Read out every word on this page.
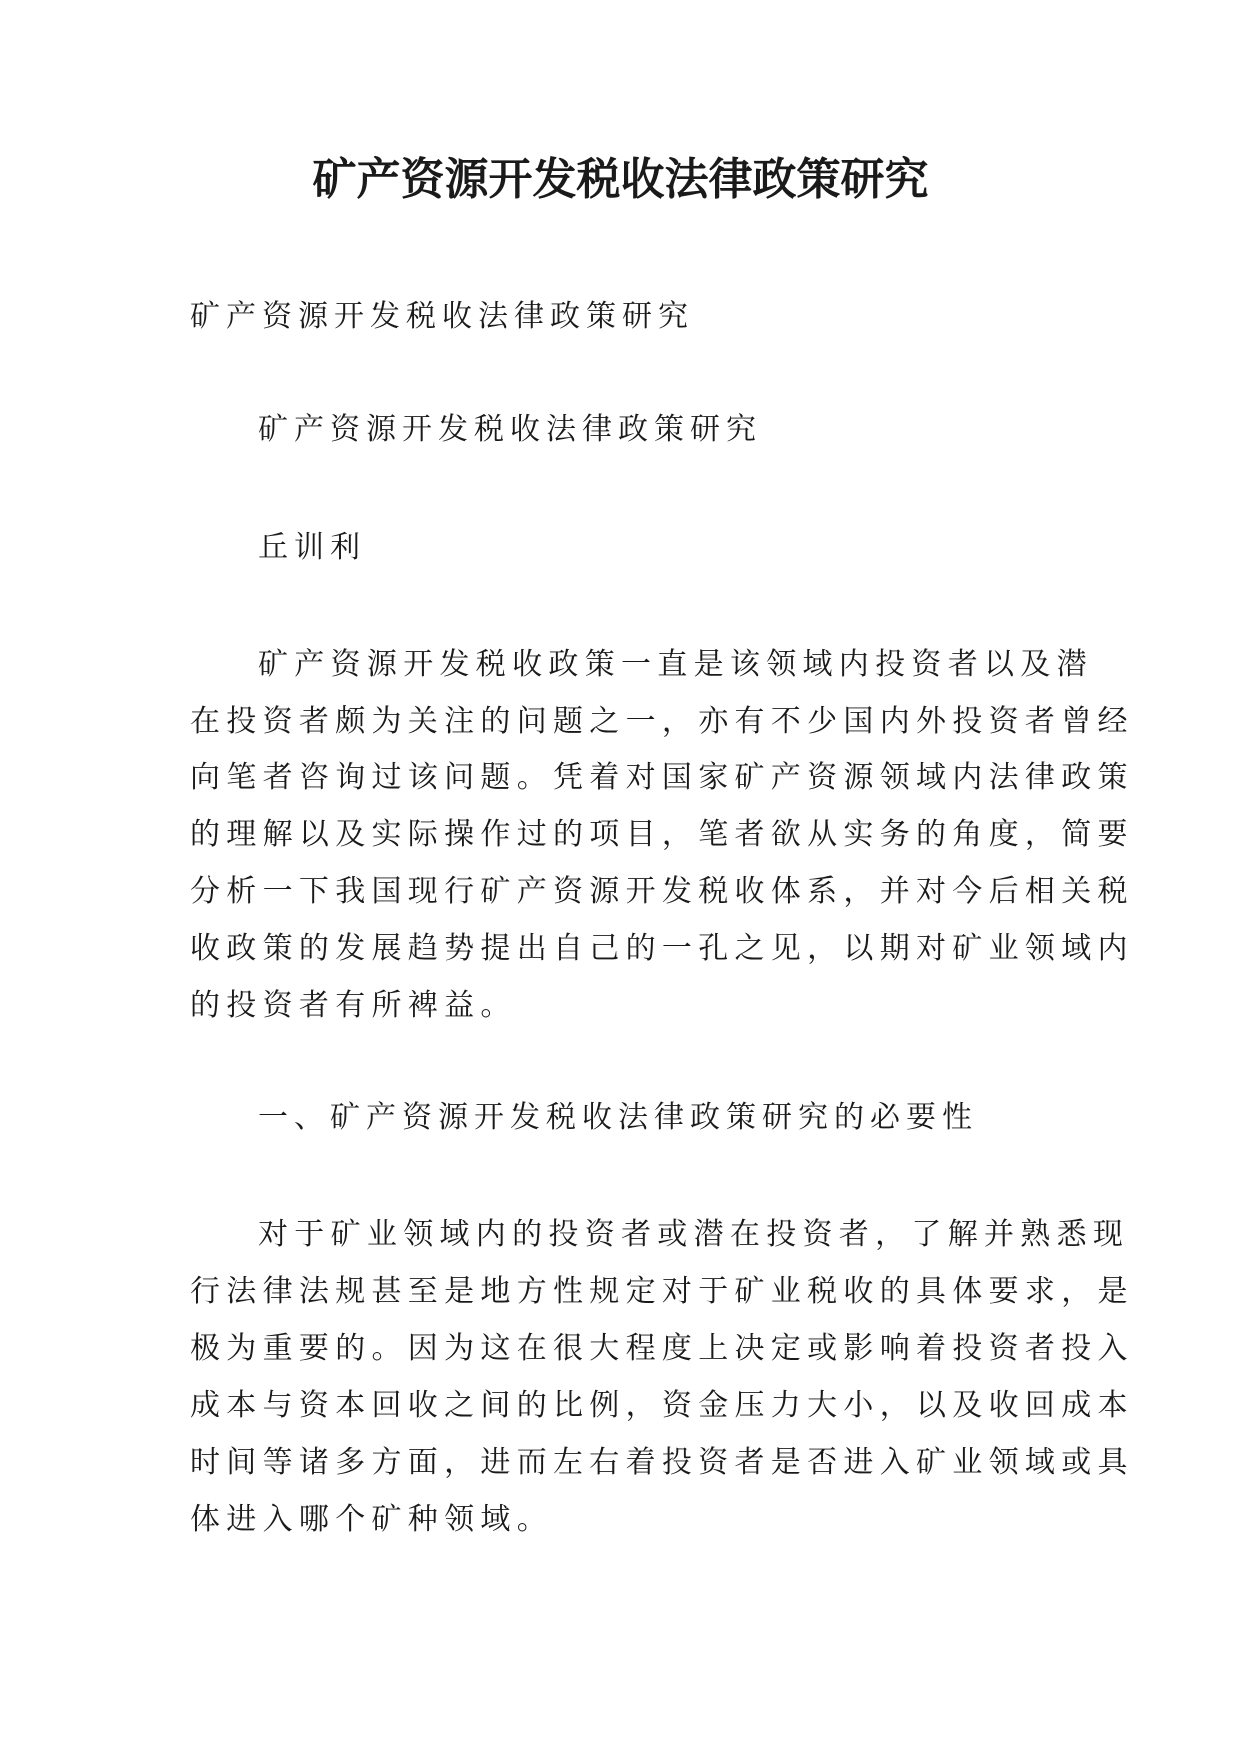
矿产资源开发税收法律政策研究

矿产资源开发税收法律政策研究

矿产资源开发税收法律政策研究

丘训利

矿产资源开发税收政策一直是该领域内投资者以及潜

在投资者颇为关注的问题之一，亦有不少国内外投资者曾经

向笔者咨询过该问题。凭着对国家矿产资源领域内法律政策

的理解以及实际操作过的项目，笔者欲从实务的角度，简要

分析一下我国现行矿产资源开发税收体系，并对今后相关税

收政策的发展趋势提出自己的一孔之见，以期对矿业领域内

的投资者有所裨益。

一、矿产资源开发税收法律政策研究的必要性

对于矿业领域内的投资者或潜在投资者，了解并熟悉现

行法律法规甚至是地方性规定对于矿业税收的具体要求，是

极为重要的。因为这在很大程度上决定或影响着投资者投入

成本与资本回收之间的比例，资金压力大小，以及收回成本

时间等诸多方面，进而左右着投资者是否进入矿业领域或具

体进入哪个矿种领域。
